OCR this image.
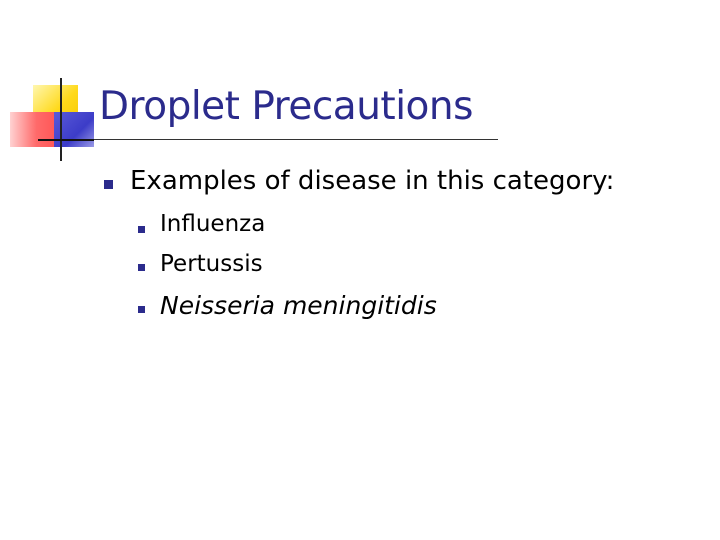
Droplet Precautions
Examples of disease in this category:
Influenza
Pertussis
Neisseria meningitidis
